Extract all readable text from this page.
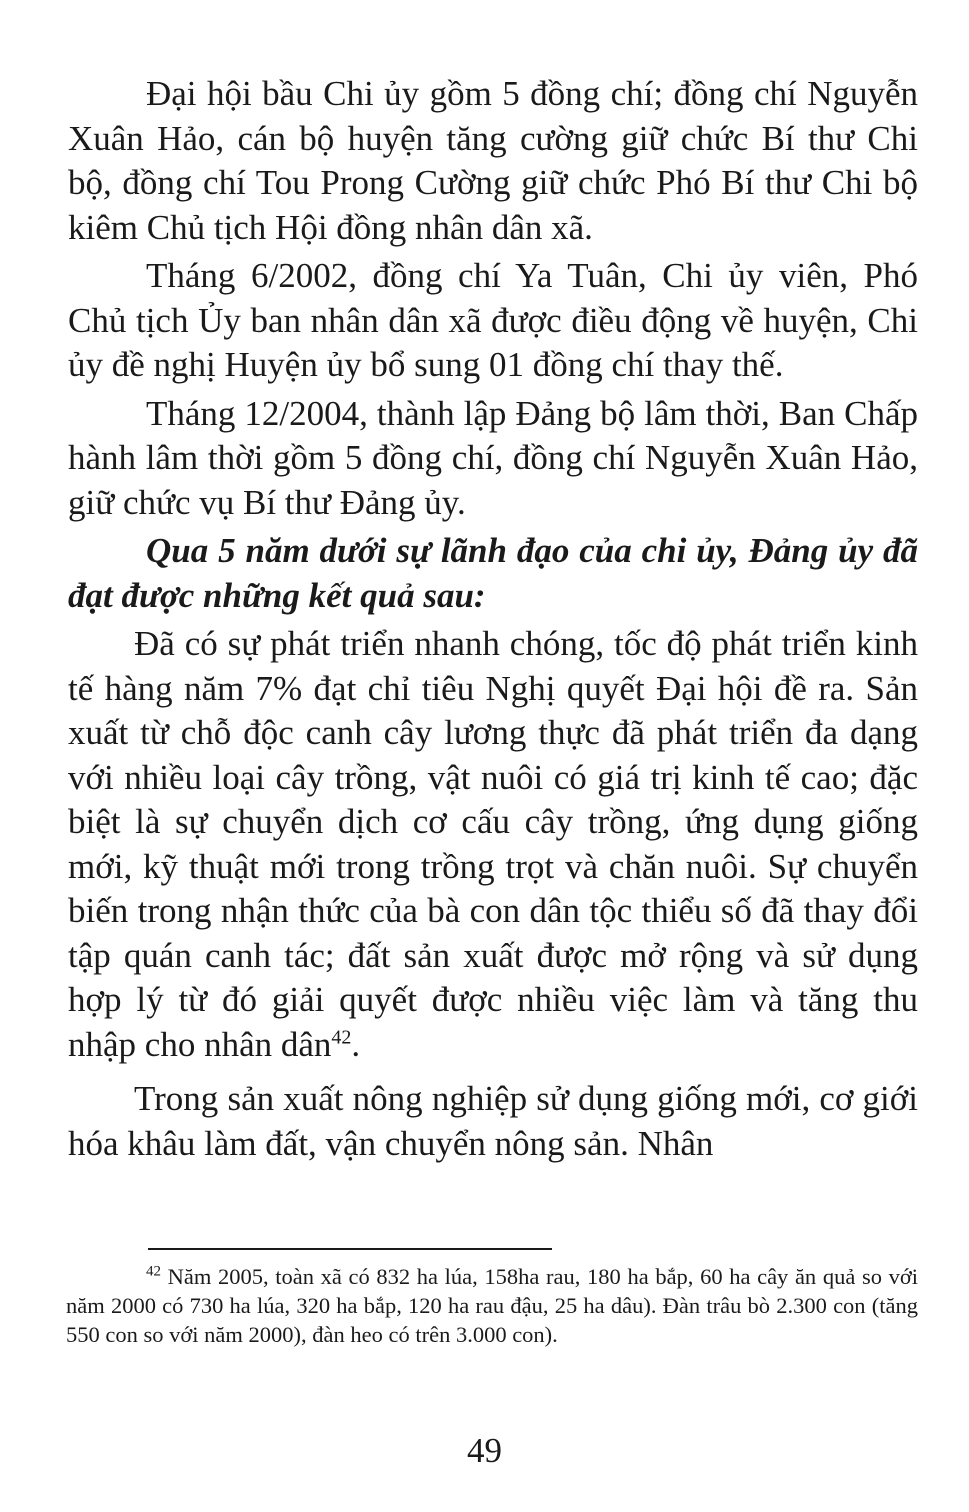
Đại hội bầu Chi ủy gồm 5 đồng chí; đồng chí Nguyễn Xuân Hảo, cán bộ huyện tăng cường giữ chức Bí thư Chi bộ, đồng chí Tou Prong Cường giữ chức Phó Bí thư Chi bộ kiêm Chủ tịch Hội đồng nhân dân xã.

Tháng 6/2002, đồng chí Ya Tuân, Chi ủy viên, Phó Chủ tịch Ủy ban nhân dân xã được điều động về huyện, Chi ủy đề nghị Huyện ủy bổ sung 01 đồng chí thay thế.

Tháng 12/2004, thành lập Đảng bộ lâm thời, Ban Chấp hành lâm thời gồm 5 đồng chí, đồng chí Nguyễn Xuân Hảo, giữ chức vụ Bí thư Đảng ủy.

Qua 5 năm dưới sự lãnh đạo của chi ủy, Đảng ủy đã đạt được những kết quả sau:

Đã có sự phát triển nhanh chóng, tốc độ phát triển kinh tế hàng năm 7% đạt chỉ tiêu Nghị quyết Đại hội đề ra. Sản xuất từ chỗ độc canh cây lương thực đã phát triển đa dạng với nhiều loại cây trồng, vật nuôi có giá trị kinh tế cao; đặc biệt là sự chuyển dịch cơ cấu cây trồng, ứng dụng giống mới, kỹ thuật mới trong trồng trọt và chăn nuôi. Sự chuyển biến trong nhận thức của bà con dân tộc thiểu số đã thay đổi tập quán canh tác; đất sản xuất được mở rộng và sử dụng hợp lý từ đó giải quyết được nhiều việc làm và tăng thu nhập cho nhân dân$^{42}$.

Trong sản xuất nông nghiệp sử dụng giống mới, cơ giới hóa khâu làm đất, vận chuyển nông sản. Nhân

$^{42}$ Năm 2005, toàn xã có 832 ha lúa, 158ha rau, 180 ha bắp, 60 ha cây ăn quả so với năm 2000 có 730 ha lúa, 320 ha bắp, 120 ha rau đậu, 25 ha dâu). Đàn trâu bò 2.300 con (tăng 550 con so với năm 2000), đàn heo có trên 3.000 con).

49
